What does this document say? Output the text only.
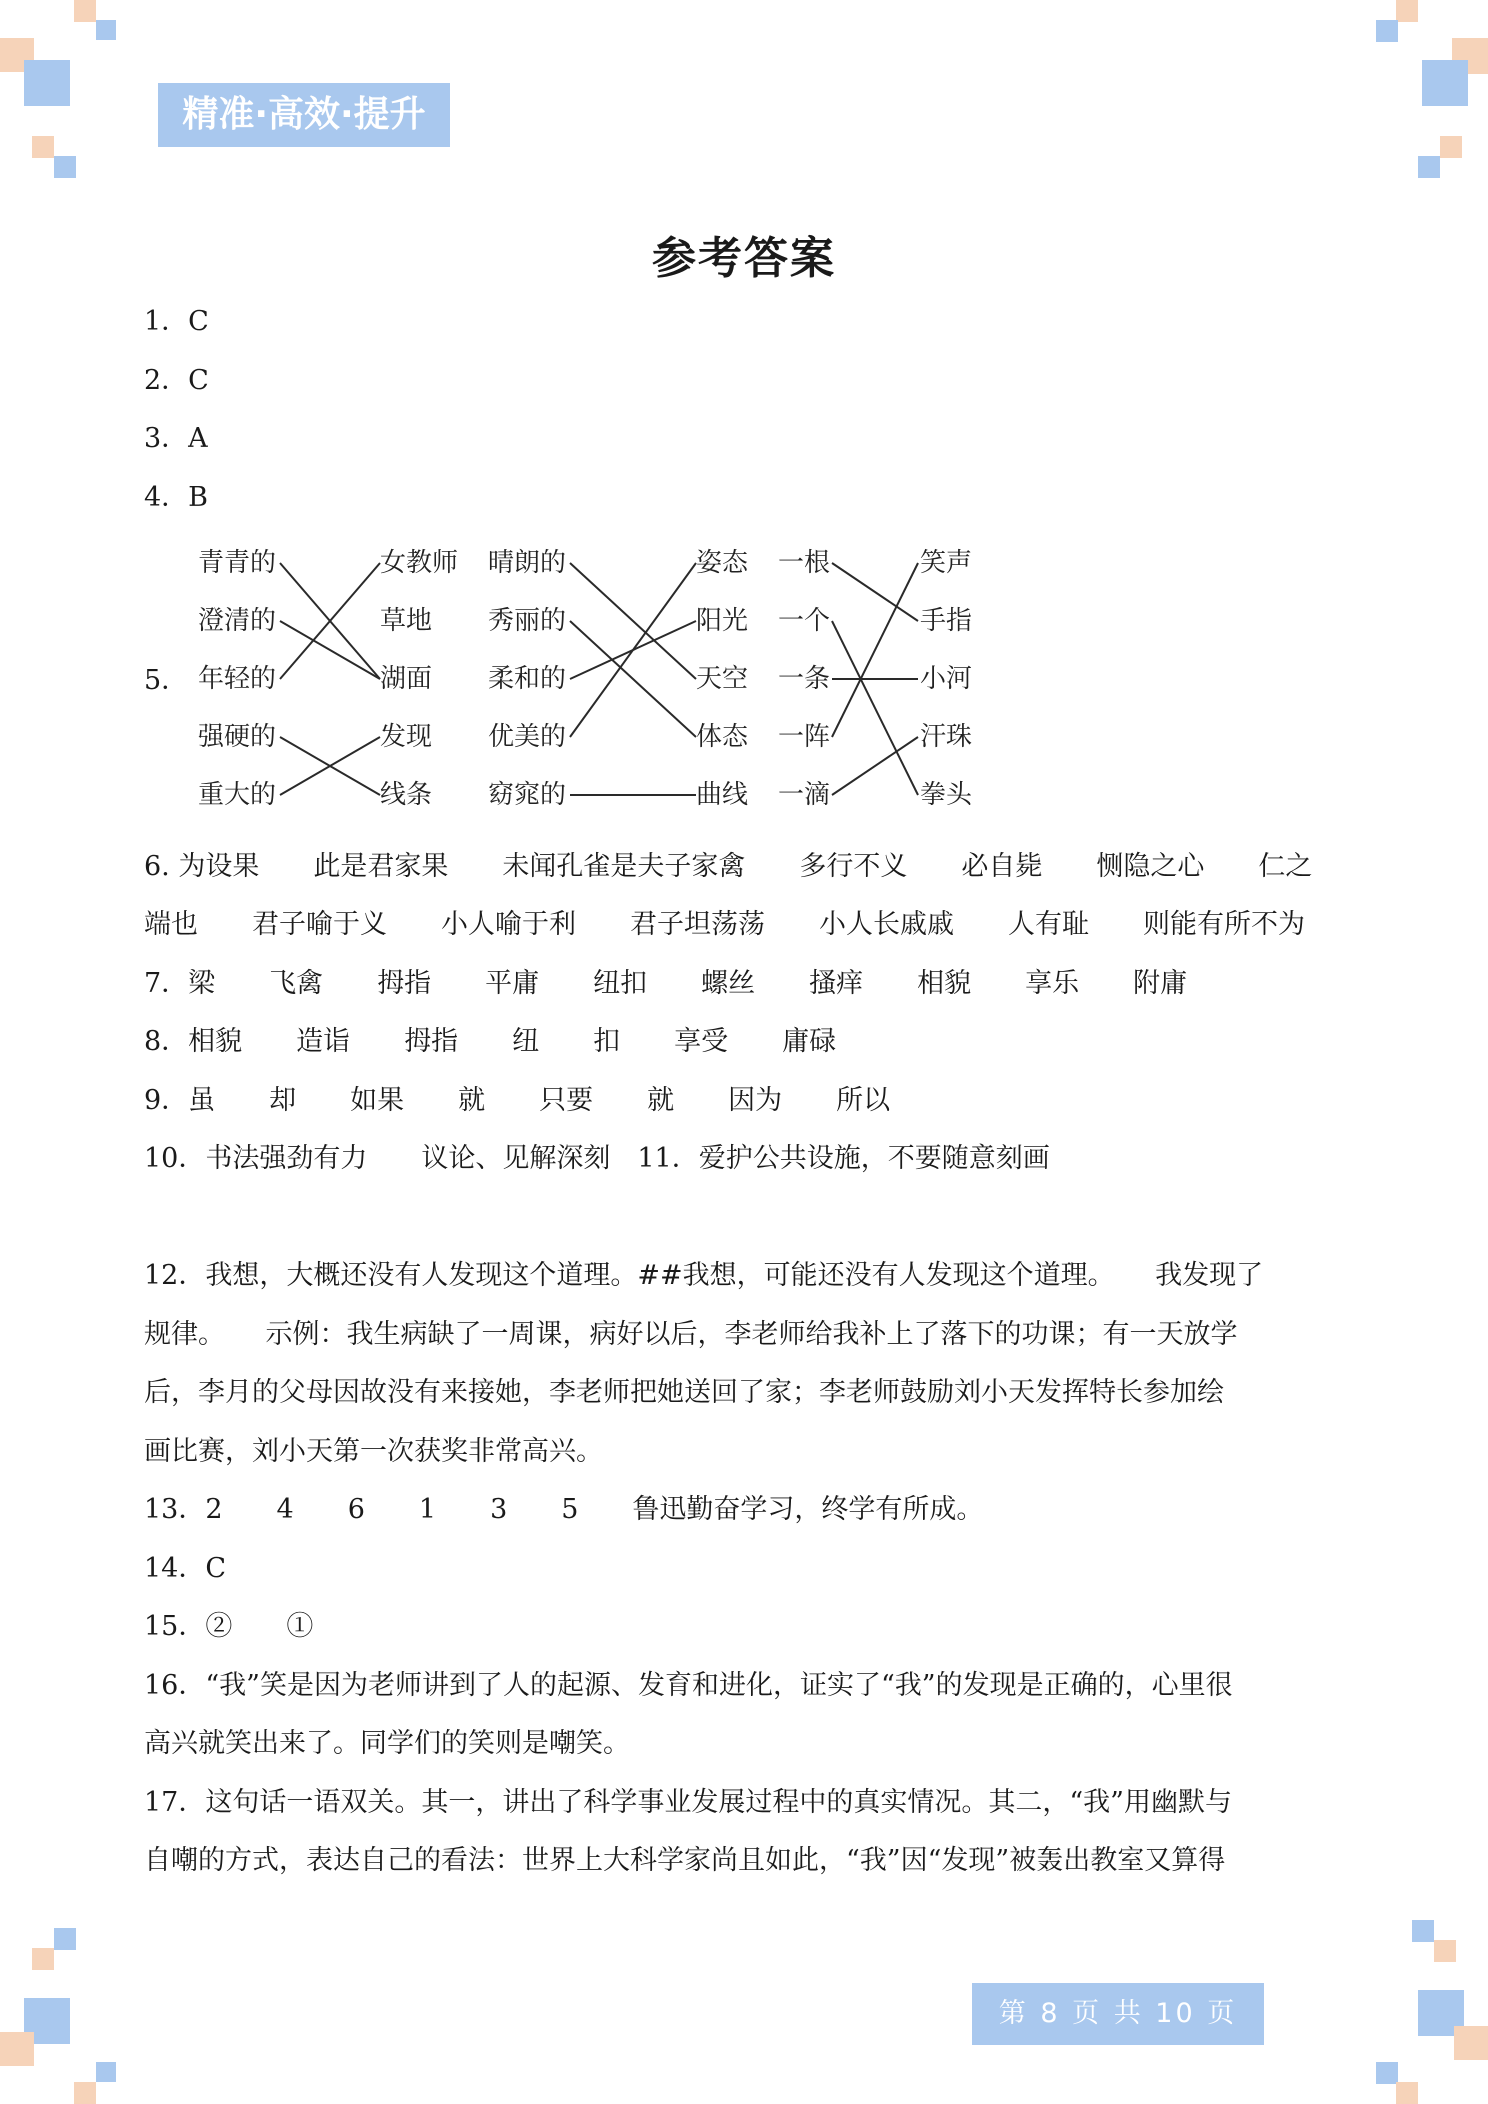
精准·高效·提升
参考答案
1．C
2．C
3．A
4．B
5．
青青的
澄清的
年轻的
强硬的
重大的
女教师
草地
湖面
发现
线条
晴朗的
秀丽的
柔和的
优美的
窈窕的
姿态
阳光
天空
体态
曲线
一根
一个
一条
一阵
一滴
笑声
手指
小河
汗珠
拳头
6. 为设果　　此是君家果　　未闻孔雀是夫子家禽　　多行不义　　必自毙　　恻隐之心　　仁之
端也　　君子喻于义　　小人喻于利　　君子坦荡荡　　小人长戚戚　　人有耻　　则能有所不为
7．梁　　飞禽　　拇指　　平庸　　纽扣　　螺丝　　搔痒　　相貌　　享乐　　附庸
8．相貌　　造诣　　拇指　　纽　　扣　　享受　　庸碌
9．虽　　却　　如果　　就　　只要　　就　　因为　　所以
10．书法强劲有力　　议论、见解深刻　11．爱护公共设施，不要随意刻画
12．我想，大概还没有人发现这个道理。##我想，可能还没有人发现这个道理。　　我发现了
规律。　　示例：我生病缺了一周课，病好以后，李老师给我补上了落下的功课；有一天放学
后，李月的父母因故没有来接她，李老师把她送回了家；李老师鼓励刘小天发挥特长参加绘
画比赛，刘小天第一次获奖非常高兴。
13．2　　4　　6　　1　　3　　5　　鲁迅勤奋学习，终学有所成。
14．C
15．②　　①
16．“我”笑是因为老师讲到了人的起源、发育和进化，证实了“我”的发现是正确的，心里很
高兴就笑出来了。同学们的笑则是嘲笑。
17．这句话一语双关。其一，讲出了科学事业发展过程中的真实情况。其二，“我”用幽默与
自嘲的方式，表达自己的看法：世界上大科学家尚且如此，“我”因“发现”被轰出教室又算得
第 8 页 共 10 页
